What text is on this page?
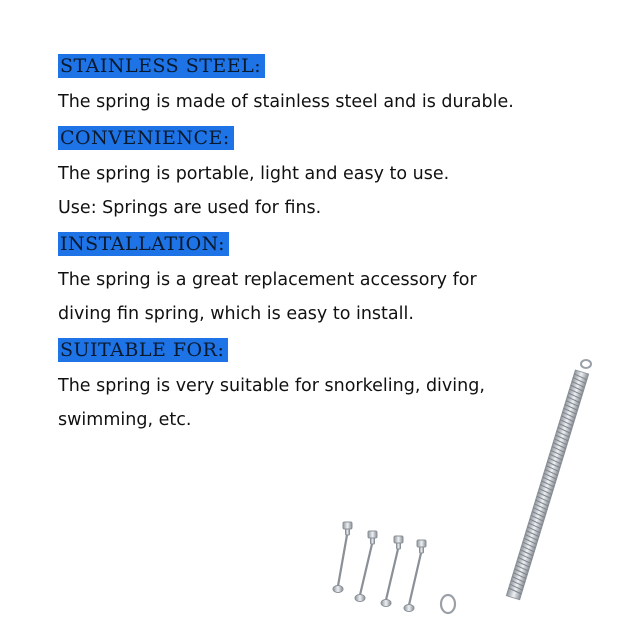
STAINLESS STEEL:
The spring is made of stainless steel and is durable.
CONVENIENCE:
The spring is portable, light and easy to use.
Use: Springs are used for fins.
INSTALLATION:
The spring is a great replacement accessory for
diving fin spring, which is easy to install.
SUITABLE FOR:
The spring is very suitable for snorkeling, diving,
swimming, etc.
